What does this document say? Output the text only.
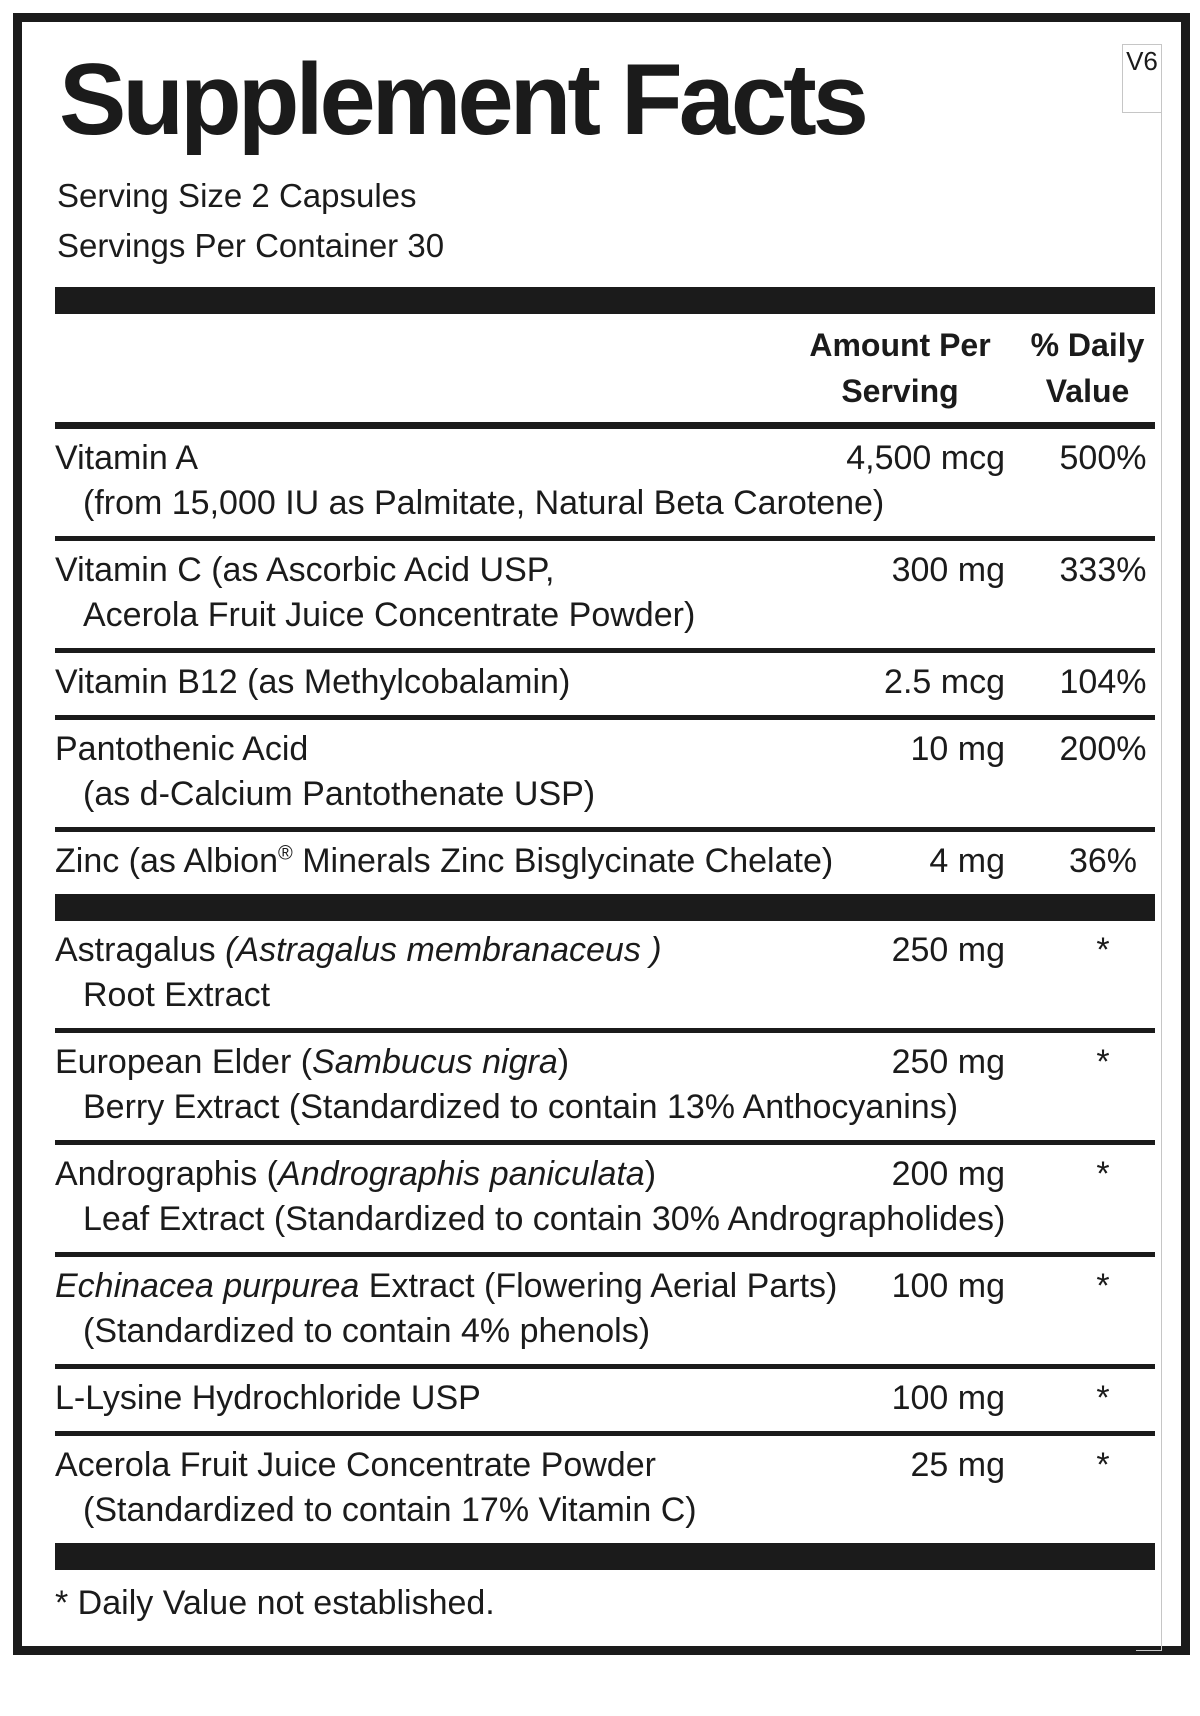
Supplement Facts
Serving Size 2 Capsules
Servings Per Container 30
Amount Per
Serving
% Daily
Value
Vitamin A
(from 15,000 IU as Palmitate, Natural Beta Carotene)
4,500 mcg 500%
Vitamin C (as Ascorbic Acid USP,
Acerola Fruit Juice Concentrate Powder)
300 mg 333%
Vitamin B12 (as Methylcobalamin)	2.5 mcg 104%
Pantothenic Acid
(as d-Calcium Pantothenate USP)
10 mg 200%
Zinc (as Albion® Minerals Zinc Bisglycinate Chelate)	4 mg	36%
Astragalus (Astragalus membranaceus )
Root Extract
250 mg	*
European Elder (Sambucus nigra)
Berry Extract (Standardized to contain 13% Anthocyanins)
250 mg	*
Andrographis (Andrographis paniculata)
Leaf Extract (Standardized to contain 30% Andrographolides)
200 mg	*
Echinacea purpurea Extract (Flowering Aerial Parts)
(Standardized to contain 4% phenols)
100 mg	*
L-Lysine Hydrochloride USP	100 mg	*
Acerola Fruit Juice Concentrate Powder
(Standardized to contain 17% Vitamin C)
25 mg	*
* Daily Value not established.
V6
